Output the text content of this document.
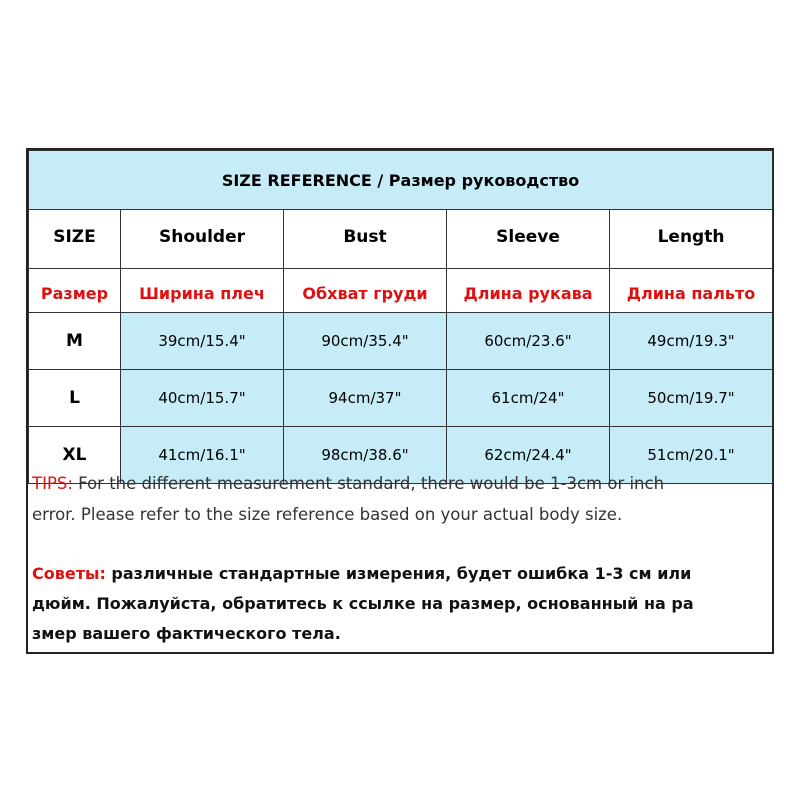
SIZE REFERENCE / Размер руководство				

SIZE	Shoulder	Bust	Sleeve	Length

Размер	Ширина плеч	Обхват груди	Длина рукава	Длина пальто

M	39cm/15.4"	90cm/35.4"	60cm/23.6"	49cm/19.3"
L	40cm/15.7"	94cm/37"	61cm/24"	50cm/19.7"
XL	41cm/16.1"	98cm/38.6"	62cm/24.4"	51cm/20.1"
TIPS: For the different measurement standard, there would be 1-3cm or inch
error. Please refer to the size reference based on your actual body size.
Советы: различные стандартные измерения, будет ошибка 1-3 см или
дюйм. Пожалуйста, обратитесь к ссылке на размер, основанный на ра
змер вашего фактического тела.
